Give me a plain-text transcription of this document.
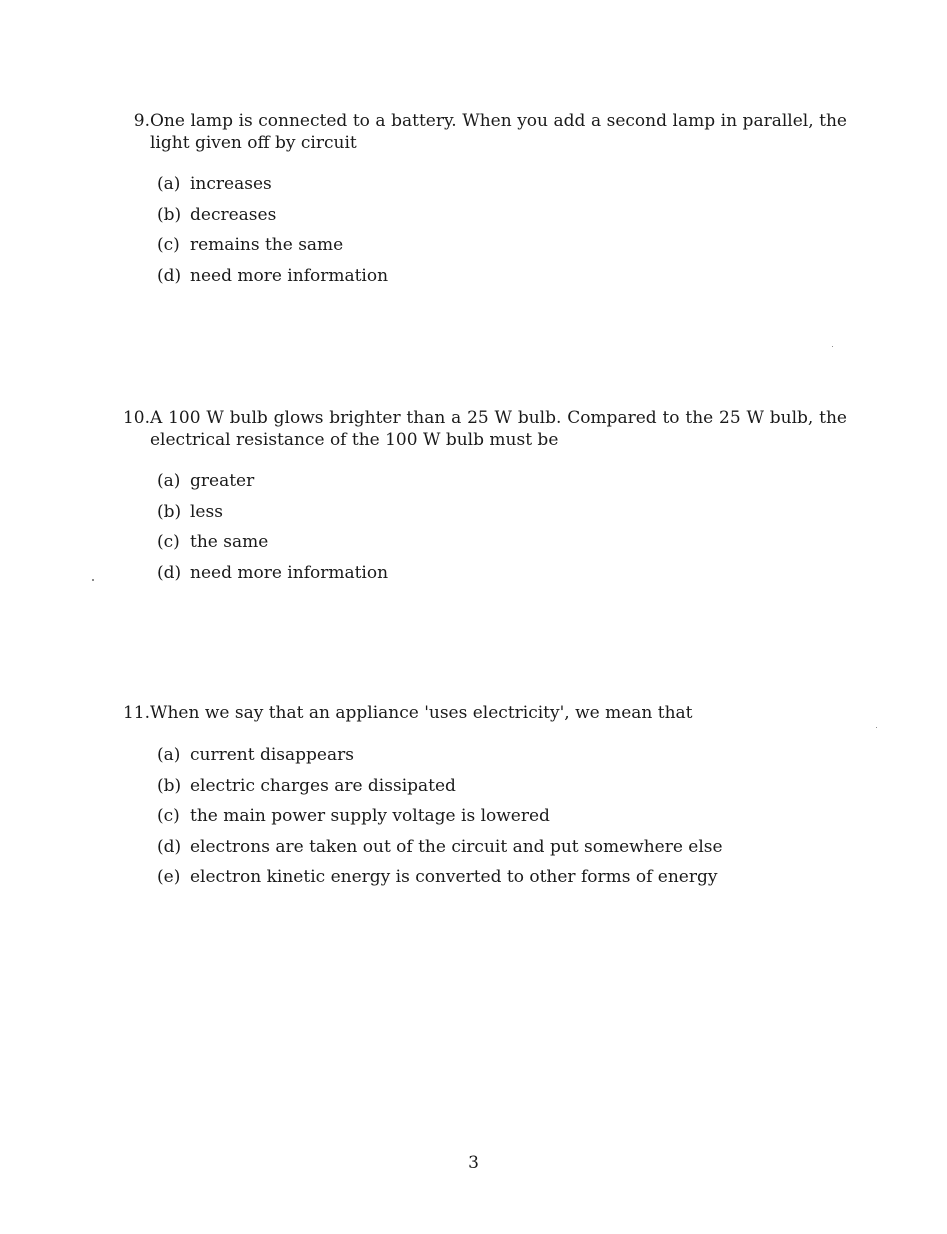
9. One lamp is connected to a battery. When you add a second lamp in parallel, the light given off by circuit
(a) increases
(b) decreases
(c) remains the same
(d) need more information
10. A 100 W bulb glows brighter than a 25 W bulb. Compared to the 25 W bulb, the electrical resistance of the 100 W bulb must be
(a) greater
(b) less
(c) the same
(d) need more information
11. When we say that an appliance 'uses electricity', we mean that
(a) current disappears
(b) electric charges are dissipated
(c) the main power supply voltage is lowered
(d) electrons are taken out of the circuit and put somewhere else
(e) electron kinetic energy is converted to other forms of energy
3
